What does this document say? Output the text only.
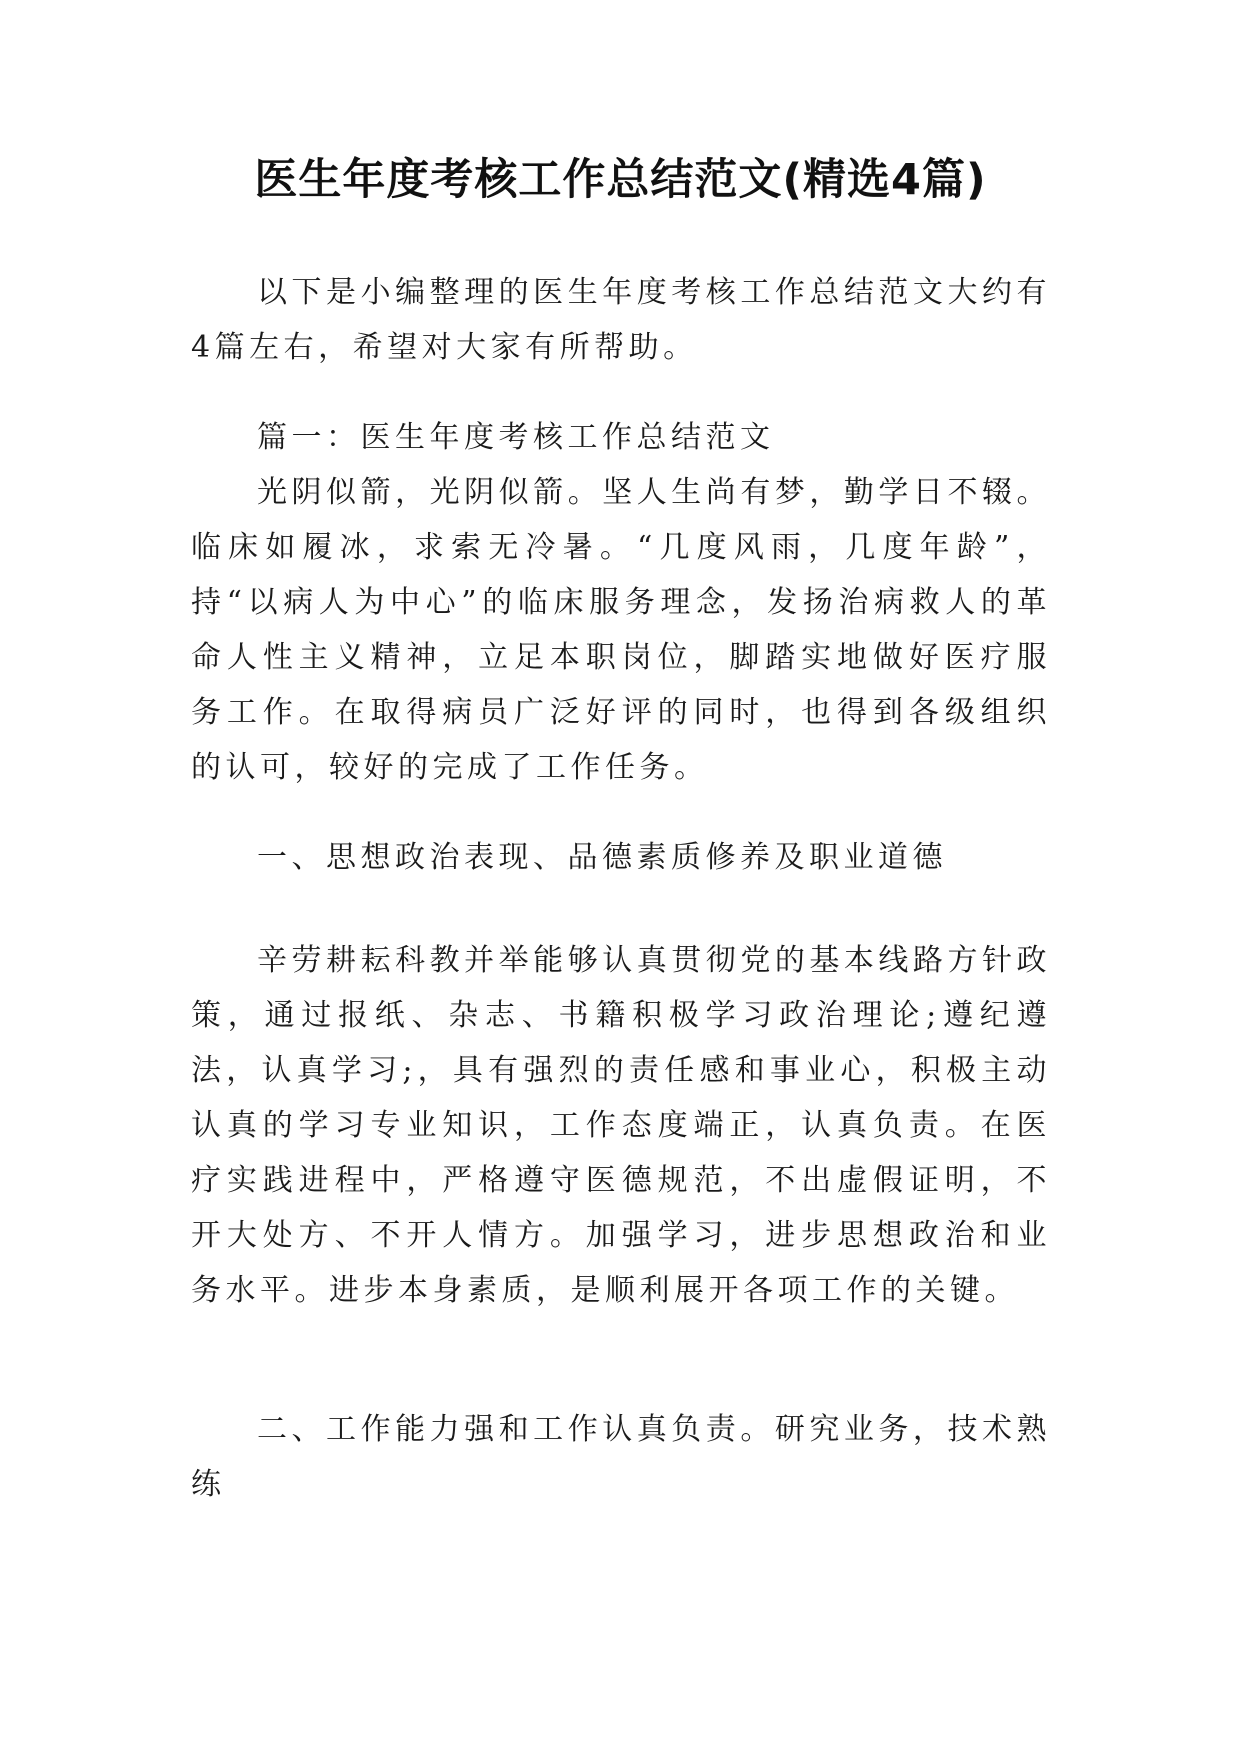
医生年度考核工作总结范文(精选4篇)

以下是小编整理的医生年度考核工作总结范文大约有4篇左右，希望对大家有所帮助。

篇一：医生年度考核工作总结范文

光阴似箭，光阴似箭。坚人生尚有梦，勤学日不辍。临床如履冰，求索无冷暑。“几度风雨，几度年龄”，持“以病人为中心”的临床服务理念，发扬治病救人的革命人性主义精神，立足本职岗位，脚踏实地做好医疗服务工作。在取得病员广泛好评的同时，也得到各级组织的认可，较好的完成了工作任务。

一、思想政治表现、品德素质修养及职业道德

辛劳耕耘科教并举能够认真贯彻党的基本线路方针政策，通过报纸、杂志、书籍积极学习政治理论;遵纪遵法，认真学习;，具有强烈的责任感和事业心，积极主动认真的学习专业知识，工作态度端正，认真负责。在医疗实践进程中，严格遵守医德规范，不出虚假证明，不开大处方、不开人情方。加强学习，进步思想政治和业务水平。进步本身素质，是顺利展开各项工作的关键。

二、工作能力强和工作认真负责。研究业务，技术熟练
